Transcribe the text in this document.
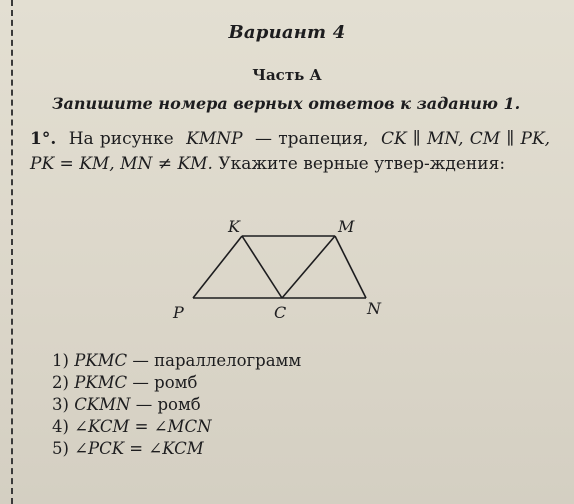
Вариант 4
Часть А
Запишите номера верных ответов к заданию 1.
1°. На рисунке KMNP — трапеция, CK ∥ MN, CM ∥ PK, PK = KM, MN ≠ KM. Укажите верные утвер-ждения:
K	M
P	C	N
1) PKMC — параллелограмм
2) PKMC — ромб
3) CKMN — ромб
4) ∠KCM = ∠MCN
5) ∠PCK = ∠KCM
